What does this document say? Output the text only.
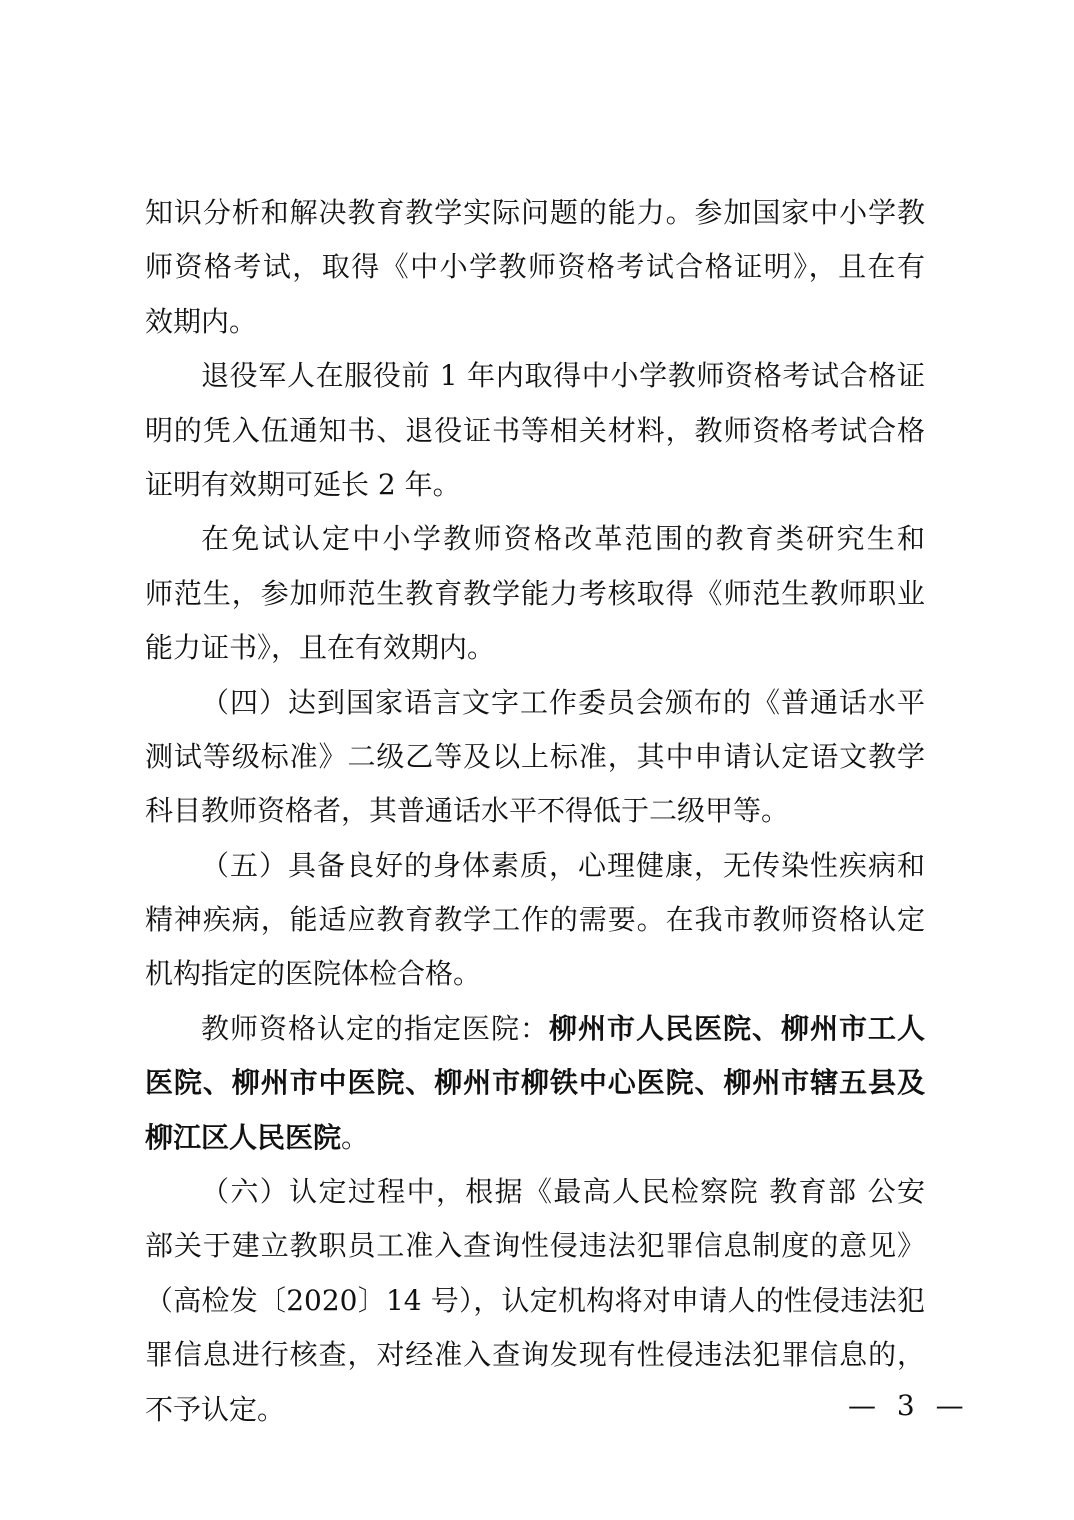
知识分析和解决教育教学实际问题的能力。参加国家中小学教
师资格考试，取得《中小学教师资格考试合格证明》，且在有
效期内。
退役军人在服役前 1 年内取得中小学教师资格考试合格证
明的凭入伍通知书、退役证书等相关材料，教师资格考试合格
证明有效期可延长 2 年。
在免试认定中小学教师资格改革范围的教育类研究生和
师范生，参加师范生教育教学能力考核取得《师范生教师职业
能力证书》，且在有效期内。
（四）达到国家语言文字工作委员会颁布的《普通话水平
测试等级标准》二级乙等及以上标准，其中申请认定语文教学
科目教师资格者，其普通话水平不得低于二级甲等。
（五）具备良好的身体素质，心理健康，无传染性疾病和
精神疾病，能适应教育教学工作的需要。在我市教师资格认定
机构指定的医院体检合格。
教师资格认定的指定医院：柳州市人民医院、柳州市工人
医院、柳州市中医院、柳州市柳铁中心医院、柳州市辖五县及
柳江区人民医院。
（六）认定过程中，根据《最高人民检察院 教育部 公安
部关于建立教职员工准入查询性侵违法犯罪信息制度的意见》
（高检发〔2020〕14 号），认定机构将对申请人的性侵违法犯
罪信息进行核查，对经准入查询发现有性侵违法犯罪信息的，
不予认定。	— 3 —
